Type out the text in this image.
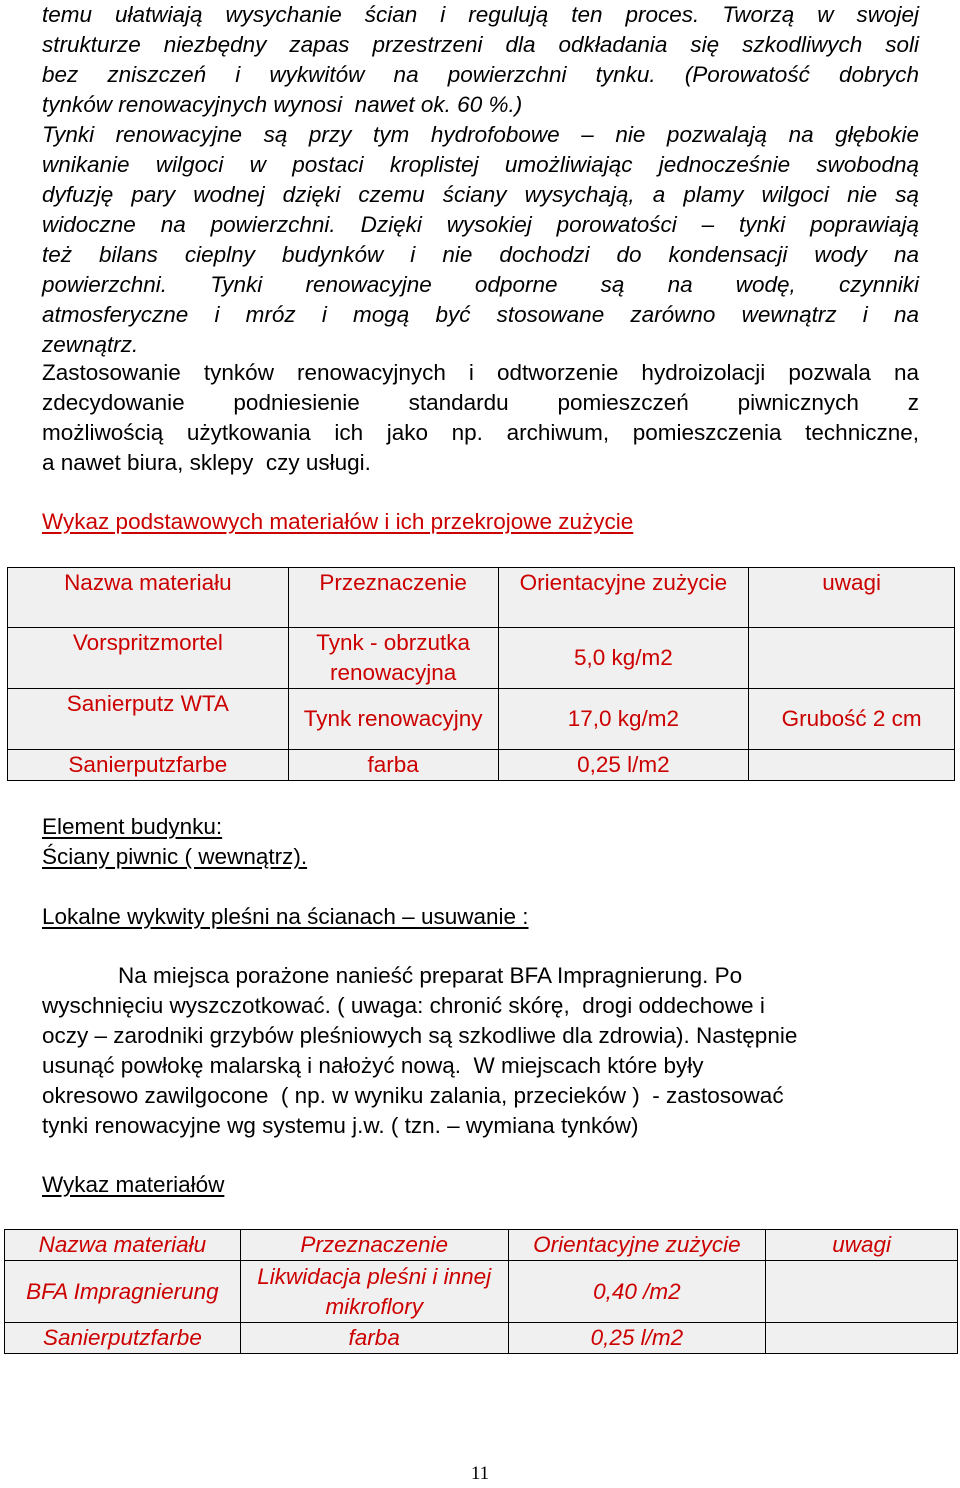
temu ułatwiają wysychanie ścian i regulują ten proces. Tworzą w swojej
strukturze niezbędny zapas przestrzeni dla odkładania się szkodliwych soli
bez zniszczeń i wykwitów na powierzchni tynku. (Porowatość dobrych
tynków renowacyjnych wynosi  nawet ok. 60 %.)
Tynki renowacyjne są przy tym hydrofobowe – nie pozwalają na głębokie
wnikanie wilgoci w postaci kroplistej umożliwiając jednocześnie swobodną
dyfuzję pary wodnej dzięki czemu ściany wysychają, a plamy wilgoci nie są
widoczne na powierzchni. Dzięki wysokiej porowatości – tynki poprawiają
też bilans cieplny budynków i nie dochodzi do kondensacji wody na
powierzchni. Tynki renowacyjne odporne są na wodę, czynniki
atmosferyczne i mróz i mogą być stosowane zarówno wewnątrz i na
zewnątrz.
Zastosowanie tynków renowacyjnych i odtworzenie hydroizolacji pozwala na
zdecydowanie podniesienie standardu pomieszczeń piwnicznych z
możliwością użytkowania ich jako np. archiwum, pomieszczenia techniczne,
a nawet biura, sklepy  czy usługi.
Wykaz podstawowych materiałów i ich przekrojowe zużycie
Nazwa materiału	Przeznaczenie	Orientacyjne zużycie	uwagi
Vorspritzmortel	Tynk - obrzutka renowacyjna	5,0 kg/m2	
Sanierputz WTA	Tynk renowacyjny	17,0 kg/m2	Grubość 2 cm
Sanierputzfarbe	farba	0,25 l/m2	
Element budynku:
Ściany piwnic ( wewnątrz).
Lokalne wykwity pleśni na ścianach – usuwanie :
Na miejsca porażone nanieść preparat BFA Impragnierung. Po
wyschnięciu wyszczotkować. ( uwaga: chronić skórę,  drogi oddechowe i
oczy – zarodniki grzybów pleśniowych są szkodliwe dla zdrowia). Następnie
usunąć powłokę malarską i nałożyć nową.  W miejscach które były
okresowo zawilgocone  ( np. w wyniku zalania, przecieków )  - zastosować
tynki renowacyjne wg systemu j.w. ( tzn. – wymiana tynków)
Wykaz materiałów
Nazwa materiału	Przeznaczenie	Orientacyjne zużycie	uwagi
BFA Impragnierung	Likwidacja pleśni i innej mikroflory	0,40 /m2	
Sanierputzfarbe	farba	0,25 l/m2	
11
